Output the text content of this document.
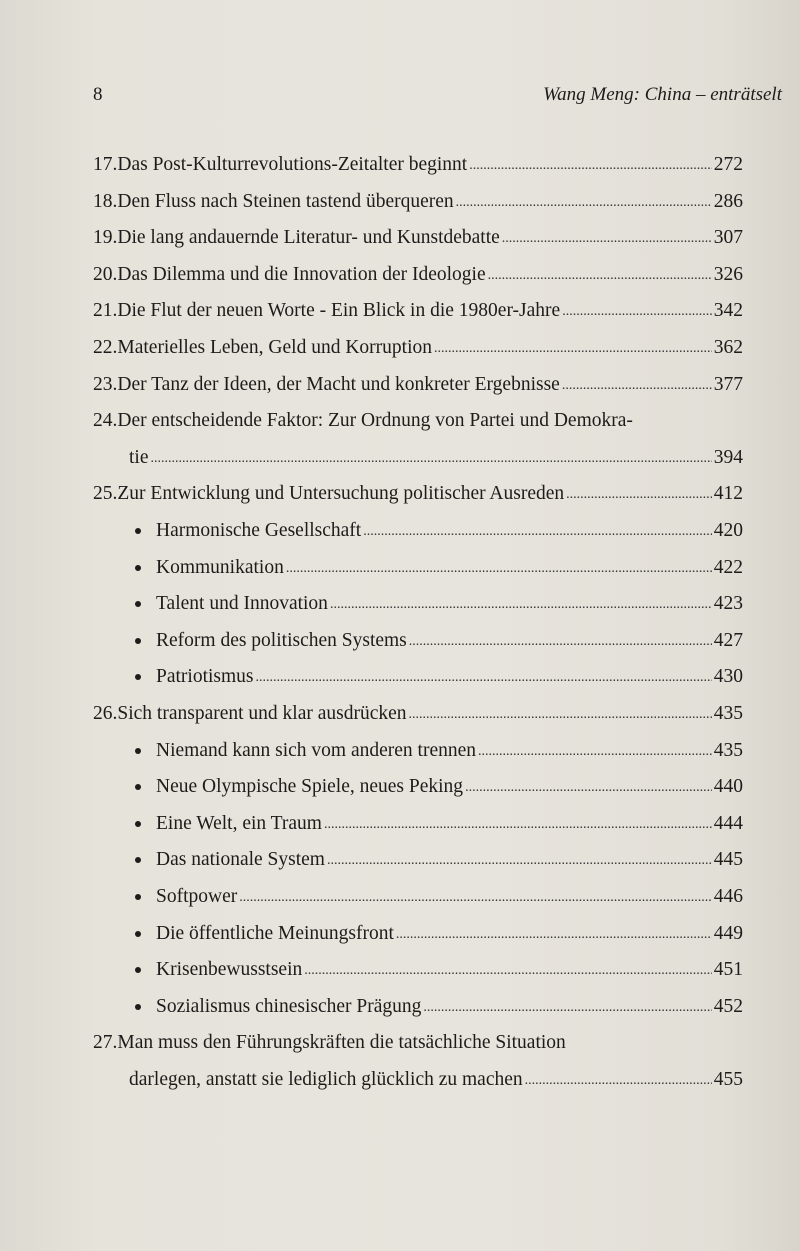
8	Wang Meng: China – enträtselt
17. Das Post-Kulturrevolutions-Zeitalter beginnt .....	272
18. Den Fluss nach Steinen tastend überqueren .....	286
19. Die lang andauernde Literatur- und Kunstdebatte .....	307
20. Das Dilemma und die Innovation der Ideologie .....	326
21. Die Flut der neuen Worte - Ein Blick in die 1980er-Jahre .....	342
22. Materielles Leben, Geld und Korruption .....	362
23. Der Tanz der Ideen, der Macht und konkreter Ergebnisse .....	377
24. Der entscheidende Faktor: Zur Ordnung von Partei und Demokra-
tie .....	394
25. Zur Entwicklung und Untersuchung politischer Ausreden .....	412
Harmonische Gesellschaft .....	420
Kommunikation .....	422
Talent und Innovation .....	423
Reform des politischen Systems .....	427
Patriotismus .....	430
26. Sich transparent und klar ausdrücken .....	435
Niemand kann sich vom anderen trennen .....	435
Neue Olympische Spiele, neues Peking .....	440
Eine Welt, ein Traum .....	444
Das nationale System .....	445
Softpower .....	446
Die öffentliche Meinungsfront .....	449
Krisenbewusstsein .....	451
Sozialismus chinesischer Prägung .....	452
27. Man muss den Führungskräften die tatsächliche Situation
darlegen, anstatt sie lediglich glücklich zu machen .....	455
